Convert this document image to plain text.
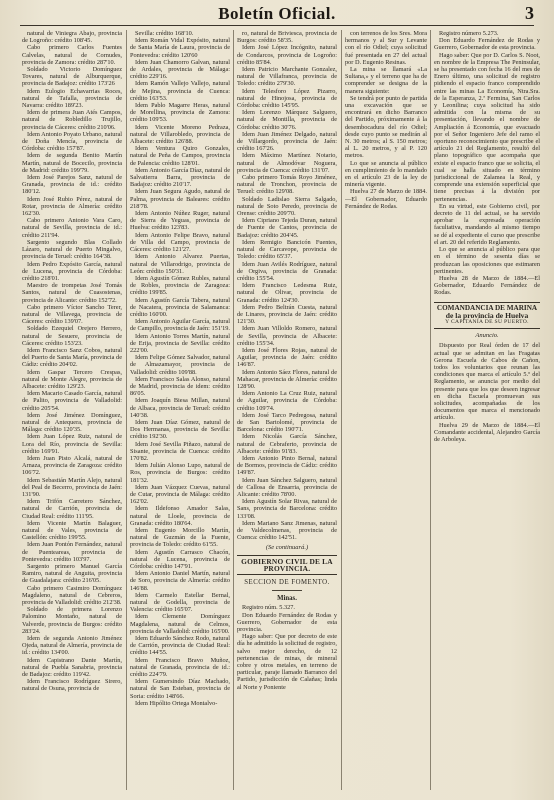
Boletín Oficial.	3

natural de Viniegra Abajo, provincia de Logroño: crédito 108'45.

Cabo primero Carlos Fuentes Calvelas, natural de Cornudes, provincia de Zamora: crédito 287'10.

Soldado Victorio Domínguez Tovares, natural de Alburquerque, provincia de Badajoz: crédito 173'26

Idem Eulogio Echavarrias Roces, natural de Tafalla, provincia de Navarra: crédito 189'23.

Idem de primera Juan Atés Campos, natural de Robledillo Trujillo, provincia de Cáceres: crédito 210'06.

Idem Antonio Poyato Urbano, natural de Doña Mencía, provincia de Córdoba: crédito 157'87.

Idem de segunda Benito Martín Martín, natural de Bocecilo, provincia de Madrid: crédito 199'79.

Idem José Parejos Sanz, natural de Granada, provincia de id.: crédito 180'12.

Idem José Rubio Pérez, natural de Rotar, provincia de Almería: crédito 162'30.

Cabo primero Antonio Vara Caro, natural de Sevilla, provincia de id.: crédito 211'94.

Sargento segundo Blas Collado Lázaro, natural de Puerto Mingalvo, provincia de Teruel: crédito 164'38.

Idem Pedro Expósito García, natural de Lucena, provincia de Córdoba: crédito 218'01.

Maestro de trompetas José Tomás Santos, natural de Cuasostenas, provincia de Alicante: crédito 152'72.

Cabo primero Víctor Sancho Terer, natural de Villavega, provincia de Cáceres: crédito 139'07.

Soldado Ezequiel Orejero Herrero, natural de Sesuere, provincia de Cáceres: crédito 153'23.

Idem Francisco Sanz Cobos, natural del Puerto de Santa María, provincia de Cádiz: crédito 204'02.

Idem Gaspar Tercero Crespas, natural de Monte Alegre, provincia de Albacete: crédito 129'23.

Idem Macario Casado García, natural de Palito, provincia de Valladolid: crédito 205'54.

Idem José Jiménez Domínguez, natural de Antequera, provincia de Málaga: crédito 120'35.

Idem Juan López Ruiz, natural de Lora del Río, provincia de Sevilla: crédito 169'91.

Idem Juan Pisto Alcalá, natural de Arnaza, provincia de Zaragoza: crédito 106'72.

Idem Sebastián Martín Alejo, natural del Peal de Becerro, provincia de Jaén: 131'90.

Idem Trifón Carretero Sánchez, natural de Carrión, provincia de Ciudad Real: crédito 111'95.

Idem Vicente Martín Balaguer, natural de Vales, provincia de Castellón: crédito 199'55.

Idem Juan Pontón Fernández, natural de Puenteareas, provincia de Pontevedra: crédito 103'97.

Sargento primero Manuel García Ramiro, natural de Anguita, provincia de Guadalajara: crédito 216'05.

Cabo primero Casimiro Domínguez Magdaleno, natural de Cebreros, provincia de Valladolid: crédito 212'38.

Soldado de primera Lorenzo Palomino Montaño, natural de Valverde, provincia de Burgos: crédito 283'24.

Idem de segunda Antonio Jiménez Ojeda, natural de Almería, provincia de id.: crédito 134'00.

Idem Capistrano Dante Martín, natural de Puebla Sanabria, provincia de Badajoz: crédito 119'42.

Idem Francisco Rodríguez Sirero, natural de Osuna, provincia de

Sevilla: crédito 168'10.

Idem Román Vidal Expósito, natural de Santa María de Laura, provincia de Pontevedra: crédito 120'60

Idem Juan Chamorro Galvan, natural de Ardales, provincia de Málaga: crédito 229'16.

Idem Ramón Vallejo Vallejo, natural de Mejina, provincia de Cuenca: crédito 163'53.

Idem Pablo Magarre Heras, natural de Morellina, provincia de Zamora: crédito 109'53.

Idem Vicente Moreno Pedraza, natural de Villarobledo, provincia de Albacete: crédito 126'88.

Idem Ventura Quiro Gonzales, natural de Peña de Campos, provincia de Palencia: crédito 128'01.

Idem Antonio García Díaz, natural de Salvatierra Barra, provincia de Badajoz: crédito 210'17.

Idem Juan Segura Agudo, natural de Palma, provincia de Baleares: crédito 218'78.

Idem Antonio Núñez Ruger, natural de Sierra de Yeguas, provincia de Huelva: crédito 123'83.

Idem Antonio Felipe Bravo, natural de Villa del Campo, provincia de Cáceres: crédito 121'27.

Idem Antonio Alvarez Puertas, natural de Villarodrigo, provincia de León: crédito 150'31.

Idem Agustín Gómez Rubles, natural de Robles, provincia de Zaragoza: crédito 199'85.

Idem Agustín García Tabera, natural de Nacatera, provincia de Salamanca: crédito 160'00.

Idem Antonio Aguilar García, natural de Campillo, provincia de Jaén: 151'19.

Idem Antonio Torres Martín, natural de Erija, provincia de Sevilla: crédito 222'00.

Idem Felipe Gómez Salvador, natural de Almazamayor, provincia de Valladolid: crédito 109'88.

Idem Francisco Salas Alonso, natural de Madrid, provincia de idem: crédito 86'05.

Idem Joaquín Biesa Millan, natural de Albaca, provincia de Teruel: crédito 140'38.

Idem Juan Díaz Gómez, natural de Dos Hermanas, provincia de Sevilla: crédito 192'30.

Idem José Sevilla Piñazo, natural de Sisante, provincia de Cuenca: crédito 170'82.

Idem Julián Alonso Lupo, natural de Ros, provincia de Burgos: crédito 181'32.

Idem Juan Vázquez Cuevas, natural de Cutar, provincia de Málaga: crédito 162'02.

Idem Ildefonso Amador Salas, natural de Lloele, provincia de Granada: crédito 180'64.

Idem Eugenio Morcillo Martín, natural de Guzmán de la Fuente, provincia de Toledo: crédito 61'55.

Idem Agustín Carrasco Chacón, natural de Lucena, provincia de Córdoba: crédito 147'91.

Idem Antonio Daniel Martín, natural de Soro, provincia de Almería: crédito 146'88.

Idem Carmelo Estellar Bernal, natural de Godella, provincia de Valencia: crédito 165'07.

Idem Clemente Domínguez Magdalena, natural de Celmos, provincia de Valladolid: crédito 165'00.

Idem Eduardo Sánchez Rodo, natural de Carrión, provincia de Ciudad Real: crédito 144'55.

Idem Francisco Bravo Muñoz, natural de Granada, provincia de id.: crédito 224'79.

Idem Gumersindo Díaz Machado, natural de San Esteban, provincia de Soria: crédito 148'66.

Idem Hipólito Ortega Montalvo-

ro, natural de Briviesca, provincia de Burgos: crédito 58'35.

Idem José López Incógnito, natural de Condarcos, provincia de Logroño: crédito 85'84.

Idem Patricio Marchante Gonzalez, natural de Villafranca, provincia de Toledo: crédito 279'30.

Idem Telesforo López Pizarro, natural de Hinojosa, provincia de Córdoba: crédito 145'95.

Idem Lorenzo Márquez Salguero, natural de Montilla, provincia de Córdoba: crédito 30'76.

Idem Juan Jiménez Delgado, natural de Villargordo, provincia de Jaén: crédito 167'26.

Idem Máximo Martínez Notario, natural de Almodóvar Noguera, provincia de Cuenca: crédito 131'07.

Cabo primero Tomás Royo Jiménez, natural de Tronchon, provincia de Teruel: crédito 129'08.

Soldado Ladislao Sierra Salgado, natural de Soto Peredo, provincia de Orense: crédito 209'70.

Idem Cipriano Tejeda Duran, natural de Fuente de Cantos, provincia de Badajoz: crédito 204'45.

Idem Remigio Bancicón Fuentes, natural de Carcavope, provincia de Toledo: crédito 65'37.

Idem Juan Avilés Rodríguez, natural de Orgiva, provincia de Granada: crédito 155'54.

Idem Francisco Ledesma Ruiz, natural de Olivar, provincia de Granada: crédito 124'30.

Idem Pedro Beltrán Cuesta, natural de Linares, provincia de Jaén: crédito 121'30.

Idem Juan Villoldo Romero, natural de Sevilla, provincia de Albacete: crédito 155'34.

Idem José Flores Rojas, natural de Aguilar, provincia de Jaén: crédito 146'87.

Idem Antonio Sáez Flores, natural de Mahacar, provincia de Almería: crédito 128'90.

Idem Antonio La Cruz Ruiz, natural de Aguilar, provincia de Córdoba: crédito 109'74.

Idem José Tarco Pedregosa, natural de San Bartolomé, provincia de Barcelona: crédito 190'71.

Idem Nicolás García Sánchez, natural de Cebraferto, provincia de Albacete: crédito 91'83.

Idem Antonio Pinto Bernal, natural de Bormos, provincia de Cádiz: crédito 149'87.

Idem Juan Sánchez Salguero, natural de Callosa de Ensarria, provincia de Alicante: crédito 78'00.

Idem Agustín Solar Rivas, natural de Sans, provincia de Barcelona: crédito 133'08.

Idem Mariano Sanz Jimenas, natural de Valdecolmenas, provincia de Cuenca: crédito 142'51.

(Se continuará.)
GOBIERNO CIVIL DE LA PROVINCIA.
SECCION DE FOMENTO.
Minas.

Registro núm. 5.327.

Don Eduardo Fernández de Rodas y Guerrero, Gobernador de esta provincia.

Hago saber: Que por decreto de este día he admitido la solicitud de registro, salvo mejor derecho, de 12 pertenencias de minas, de mineral cobre y otros metales, en terreno de particular, paraje llamado Barranco del Partido, jurisdicción de Calañas; linda al Norte y Poniente

con terrenos de los Sres. Mora hermanos y al Sur y Levante con el río Odiel; cuya solicitud fué presentada en 27 del actual por D. Eugenio Resinas.

La mina se llamará «La Sultana,» y el terreno que ha de comprender se designa de la manera siguiente:

Se tendrá por punto de partida una excavación que se encontrará en dicho Barranco del Partido, próximamente á la desembocadura del río Odiel; desde cuyo punto se medirán al N. 30 metros; al S. 150 metros; al L. 20 metros, y al P. 120 metros.

Lo que se anuncia al público en cumplimiento de lo mandado en el artículo 23 de la ley de minería vigente.

Huelva 27 de Marzo de 1884.—El Gobernador, Eduardo Fernández de Rodas.

Registro número 5.273.

Don Eduardo Fernández de Rodas y Guerrero, Gobernador de esta provincia.

Hago saber: Que por D. Carlos S. Noot, en nombre de la Empresa The Peninsular, se ha presentado con fecha 16 del mes de Enero último, una solicitud de registro pidiendo el espacio franco comprendido entre las minas La Economía, Ntra.Sra. de la Esperanza, 2.ª Fermina, San Carlos y Leonilina; cuya solicitud ha sido admitida con la misma de su presentación, llevando el nombre de Ampliación á Economía, que evacuado por el Señor Ingeniero Jefe del ramo el oportuno reconocimiento que prescribe el artículo 21 del Reglamento, resultó del plano topográfico que acompaña que existe el espacio franco que se solicita, el cual se halla situado en término jurisdiccional de Zalamea la Real, y comprende una extensión superficial que tiene precisas á la división por pertenencias.

En su virtud, este Gobierno civil, por decreto de 11 del actual, se ha servido aprobar la expresada operación facultativa, mandando al mismo tiempo se dé al expediente el curso que prescribe el art. 20 del referido Reglamento.

Lo que se anuncia al público para que en el término de sesenta días se produzcan las oposiciones que estimaren pertinentes.

Huelva 28 de Marzo de 1884.—El Gobernador, Eduardo Fernández de Rodas.

COMANDANCIA DE MARINA
de la provincia de Huelva
Y CAPITANÍA DE SU PUERTO.
Anuncio.

Dispuesto por Real órden de 17 del actual que se admitan en las Fragatas Gerona Escuela de Cabos de Cañon, todos los voluntarios que reunan las condiciones que marca el artículo 5.º del Reglamento, se anuncia por medio del presente para que los que deseen ingresar en dicha Escuela promuevan sus solicitudes, acompañadas de los documentos que marca el mencionado artículo.

Huelva 29 de Marzo de 1884.—El Comandante accidental, Alejandro García de Arboleya.
